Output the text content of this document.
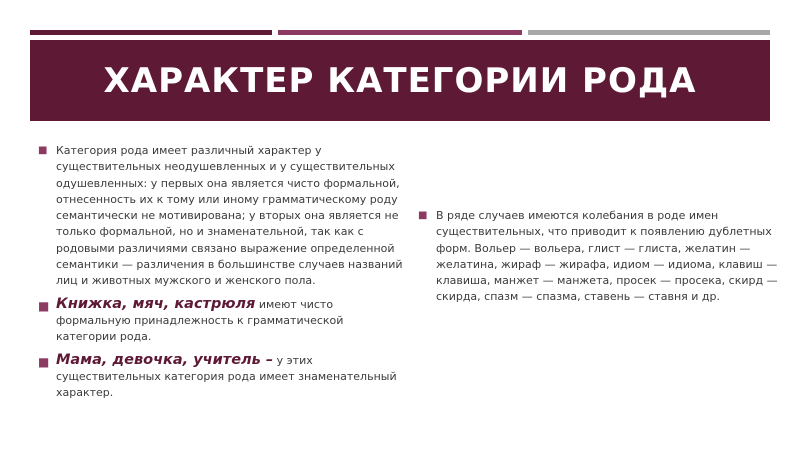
ХАРАКТЕР КАТЕГОРИИ РОДА
■ Категория рода имеет различный характер у существительных неодушевленных и у существительных одушевленных: у первых она является чисто формальной, отнесенность их к тому или иному грамматическому роду семантически не мотивирована; у вторых она является не только формальной, но и знаменательной, так как с родовыми различиями связано выражение определенной семантики — различения в большинстве случаев названий лиц и животных мужского и женского пола.
■ Книжка, мяч, кастрюля имеют чисто формальную принадлежность к грамматической категории рода.
■ Мама, девочка, учитель – у этих существительных категория рода имеет знаменательный характер.
■ В ряде случаев имеются колебания в роде имен существительных, что приводит к появлению дублетных форм. Вольер — вольера, глист — глиста, желатин — желатина, жираф — жирафа, идиом — идиома, клавиш — клавиша, манжет — манжета, просек — просека, скирд — скирда, спазм — спазма, ставень — ставня и др.
